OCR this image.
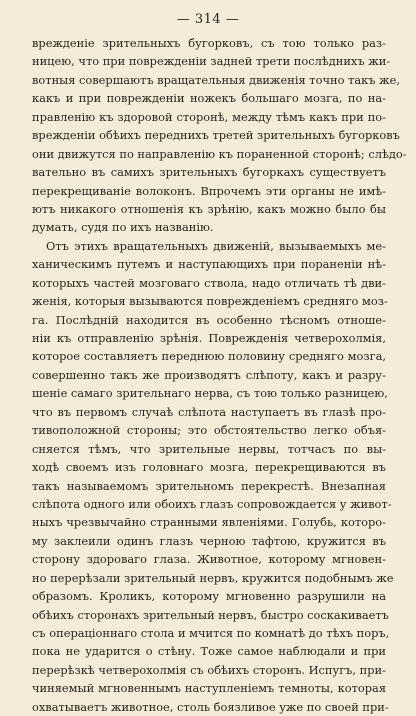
— 314 —
врежденіе зрительныхъ бугорковъ, съ тою только раз-
ницею, что при поврежденіи задней трети послѣднихъ жи-
вотныя совершаютъ вращательныя движенія точно такъ же,
какъ и при поврежденіи ножекъ большаго мозга, по на-
правленію къ здоровой сторонѣ, между тѣмъ какъ при по-
врежденіи обѣихъ переднихъ третей зрительныхъ бугорковъ
они движутся по направленію къ пораненной сторонѣ; слѣдо-
вательно въ самихъ зрительныхъ бугоркахъ существуетъ
перекрещиваніе волоконъ. Впрочемъ эти органы не имѣ-
ютъ никакого отношенія къ зрѣнію, какъ можно было бы
думать, судя по ихъ названію.
Отъ этихъ вращательныхъ движеній, вызываемыхъ ме-
ханическимъ путемъ и наступающихъ при пораненіи нѣ-
которыхъ частей мозговаго ствола, надо отличать тѣ дви-
женія, которыя вызываются поврежденіемъ средняго моз-
га. Послѣдній находится въ особенно тѣсномъ отноше-
ніи къ отправленію зрѣнія. Поврежденія четверохолмія,
которое составляетъ переднюю половину средняго мозга,
совершенно такъ же производятъ слѣпоту, какъ и разру-
шеніе самаго зрительнаго нерва, съ тою только разницею,
что въ первомъ случаѣ слѣпота наступаетъ въ глазѣ про-
тивоположной стороны; это обстоятельство легко объя-
сняется тѣмъ, что зрительные нервы, тотчасъ по вы-
ходѣ своемъ изъ головнаго мозга, перекрещиваются въ
такъ называемомъ зрительномъ перекрестѣ. Внезапная
слѣпота одного или обоихъ глазъ сопровождается у живот-
ныхъ чрезвычайно странными явленіями. Голубь, которо-
му заклеили одинъ глазъ черною тафтою, кружится въ
сторону здороваго глаза. Животное, которому мгновен-
но перерѣзали зрительный нервъ, кружится подобнымъ же
образомъ. Кроликъ, которому мгновенно разрушили на
обѣихъ сторонахъ зрительный нервъ, быстро соскакиваетъ
съ операціоннаго стола и мчится по комнатѣ до тѣхъ поръ,
пока не ударится о стѣну. Тоже самое наблюдали и при
перерѣзкѣ четверохолмія съ обѣихъ сторонъ. Испугъ, при-
чиняемый мгновеннымъ наступленіемъ темноты, которая
охватываетъ животное, столь боязливое уже по своей при-
